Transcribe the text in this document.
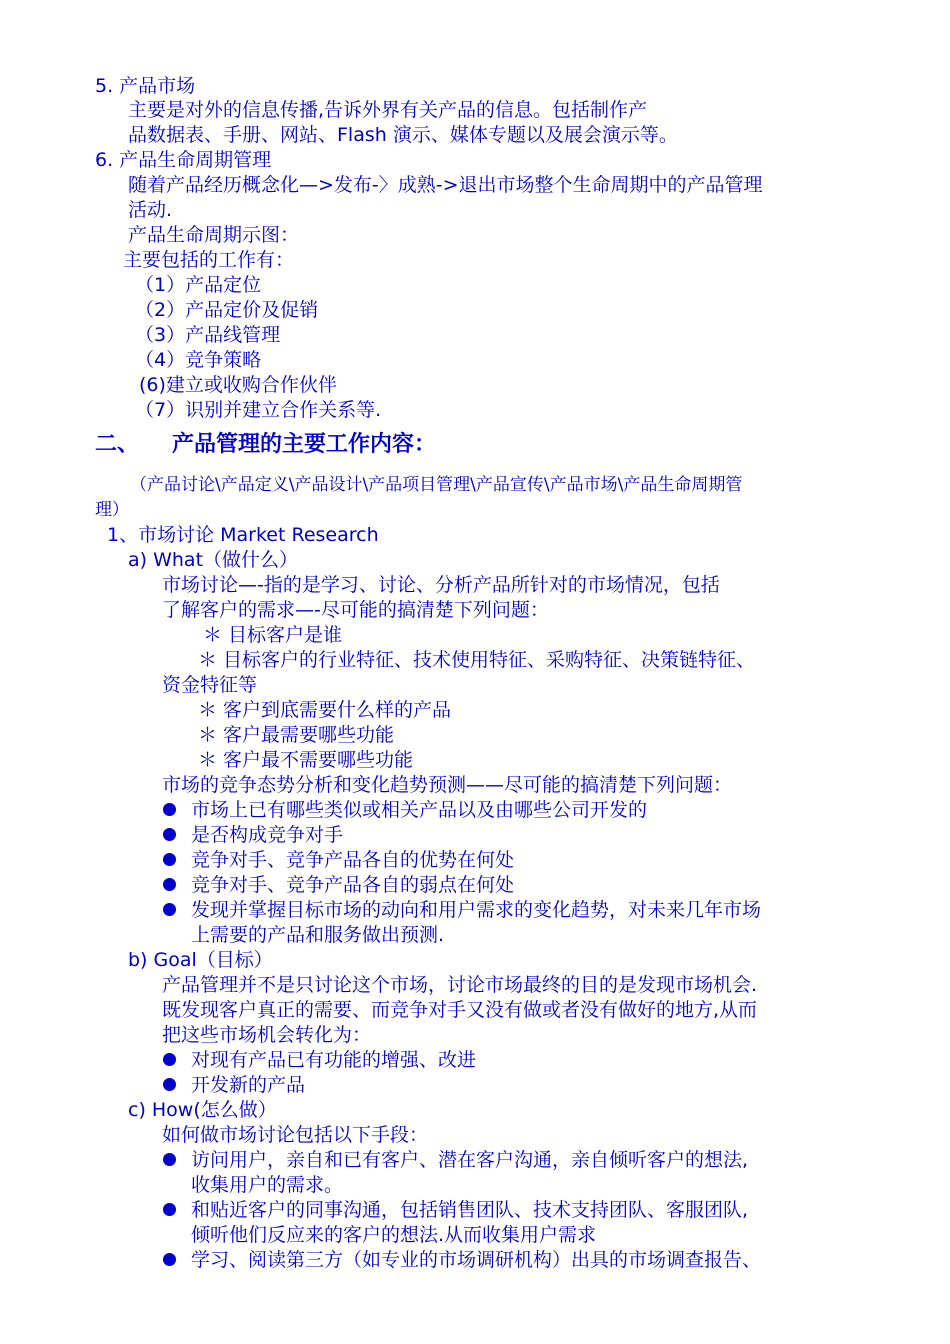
5. 产品市场
主要是对外的信息传播,告诉外界有关产品的信息。包括制作产
品数据表、手册、网站、Flash 演示、媒体专题以及展会演示等。
6. 产品生命周期管理
随着产品经历概念化—>发布-〉成熟->退出市场整个生命周期中的产品管理
活动.
产品生命周期示图：
主要包括的工作有：
（1）产品定位
（2）产品定价及促销
（3）产品线管理
（4）竞争策略
(6)建立或收购合作伙伴
（7）识别并建立合作关系等.
二、 产品管理的主要工作内容：
（产品讨论\产品定义\产品设计\产品项目管理\产品宣传\产品市场\产品生命周期管
理）
1、市场讨论 Market Research
a) What（做什么）
市场讨论—-指的是学习、讨论、分析产品所针对的市场情况，包括
了解客户的需求—-尽可能的搞清楚下列问题：
＊ 目标客户是谁
＊ 目标客户的行业特征、技术使用特征、采购特征、决策链特征、
资金特征等
＊ 客户到底需要什么样的产品
＊ 客户最需要哪些功能
＊ 客户最不需要哪些功能
市场的竞争态势分析和变化趋势预测——尽可能的搞清楚下列问题：
市场上已有哪些类似或相关产品以及由哪些公司开发的
是否构成竞争对手
竞争对手、竞争产品各自的优势在何处
竞争对手、竞争产品各自的弱点在何处
发现并掌握目标市场的动向和用户需求的变化趋势，对未来几年市场
上需要的产品和服务做出预测.
b) Goal（目标）
产品管理并不是只讨论这个市场，讨论市场最终的目的是发现市场机会.
既发现客户真正的需要、而竞争对手又没有做或者没有做好的地方,从而
把这些市场机会转化为：
对现有产品已有功能的增强、改进
开发新的产品
c) How(怎么做）
如何做市场讨论包括以下手段：
访问用户，亲自和已有客户、潜在客户沟通，亲自倾听客户的想法,
收集用户的需求。
和贴近客户的同事沟通，包括销售团队、技术支持团队、客服团队,
倾听他们反应来的客户的想法.从而收集用户需求
学习、阅读第三方（如专业的市场调研机构）出具的市场调查报告、
